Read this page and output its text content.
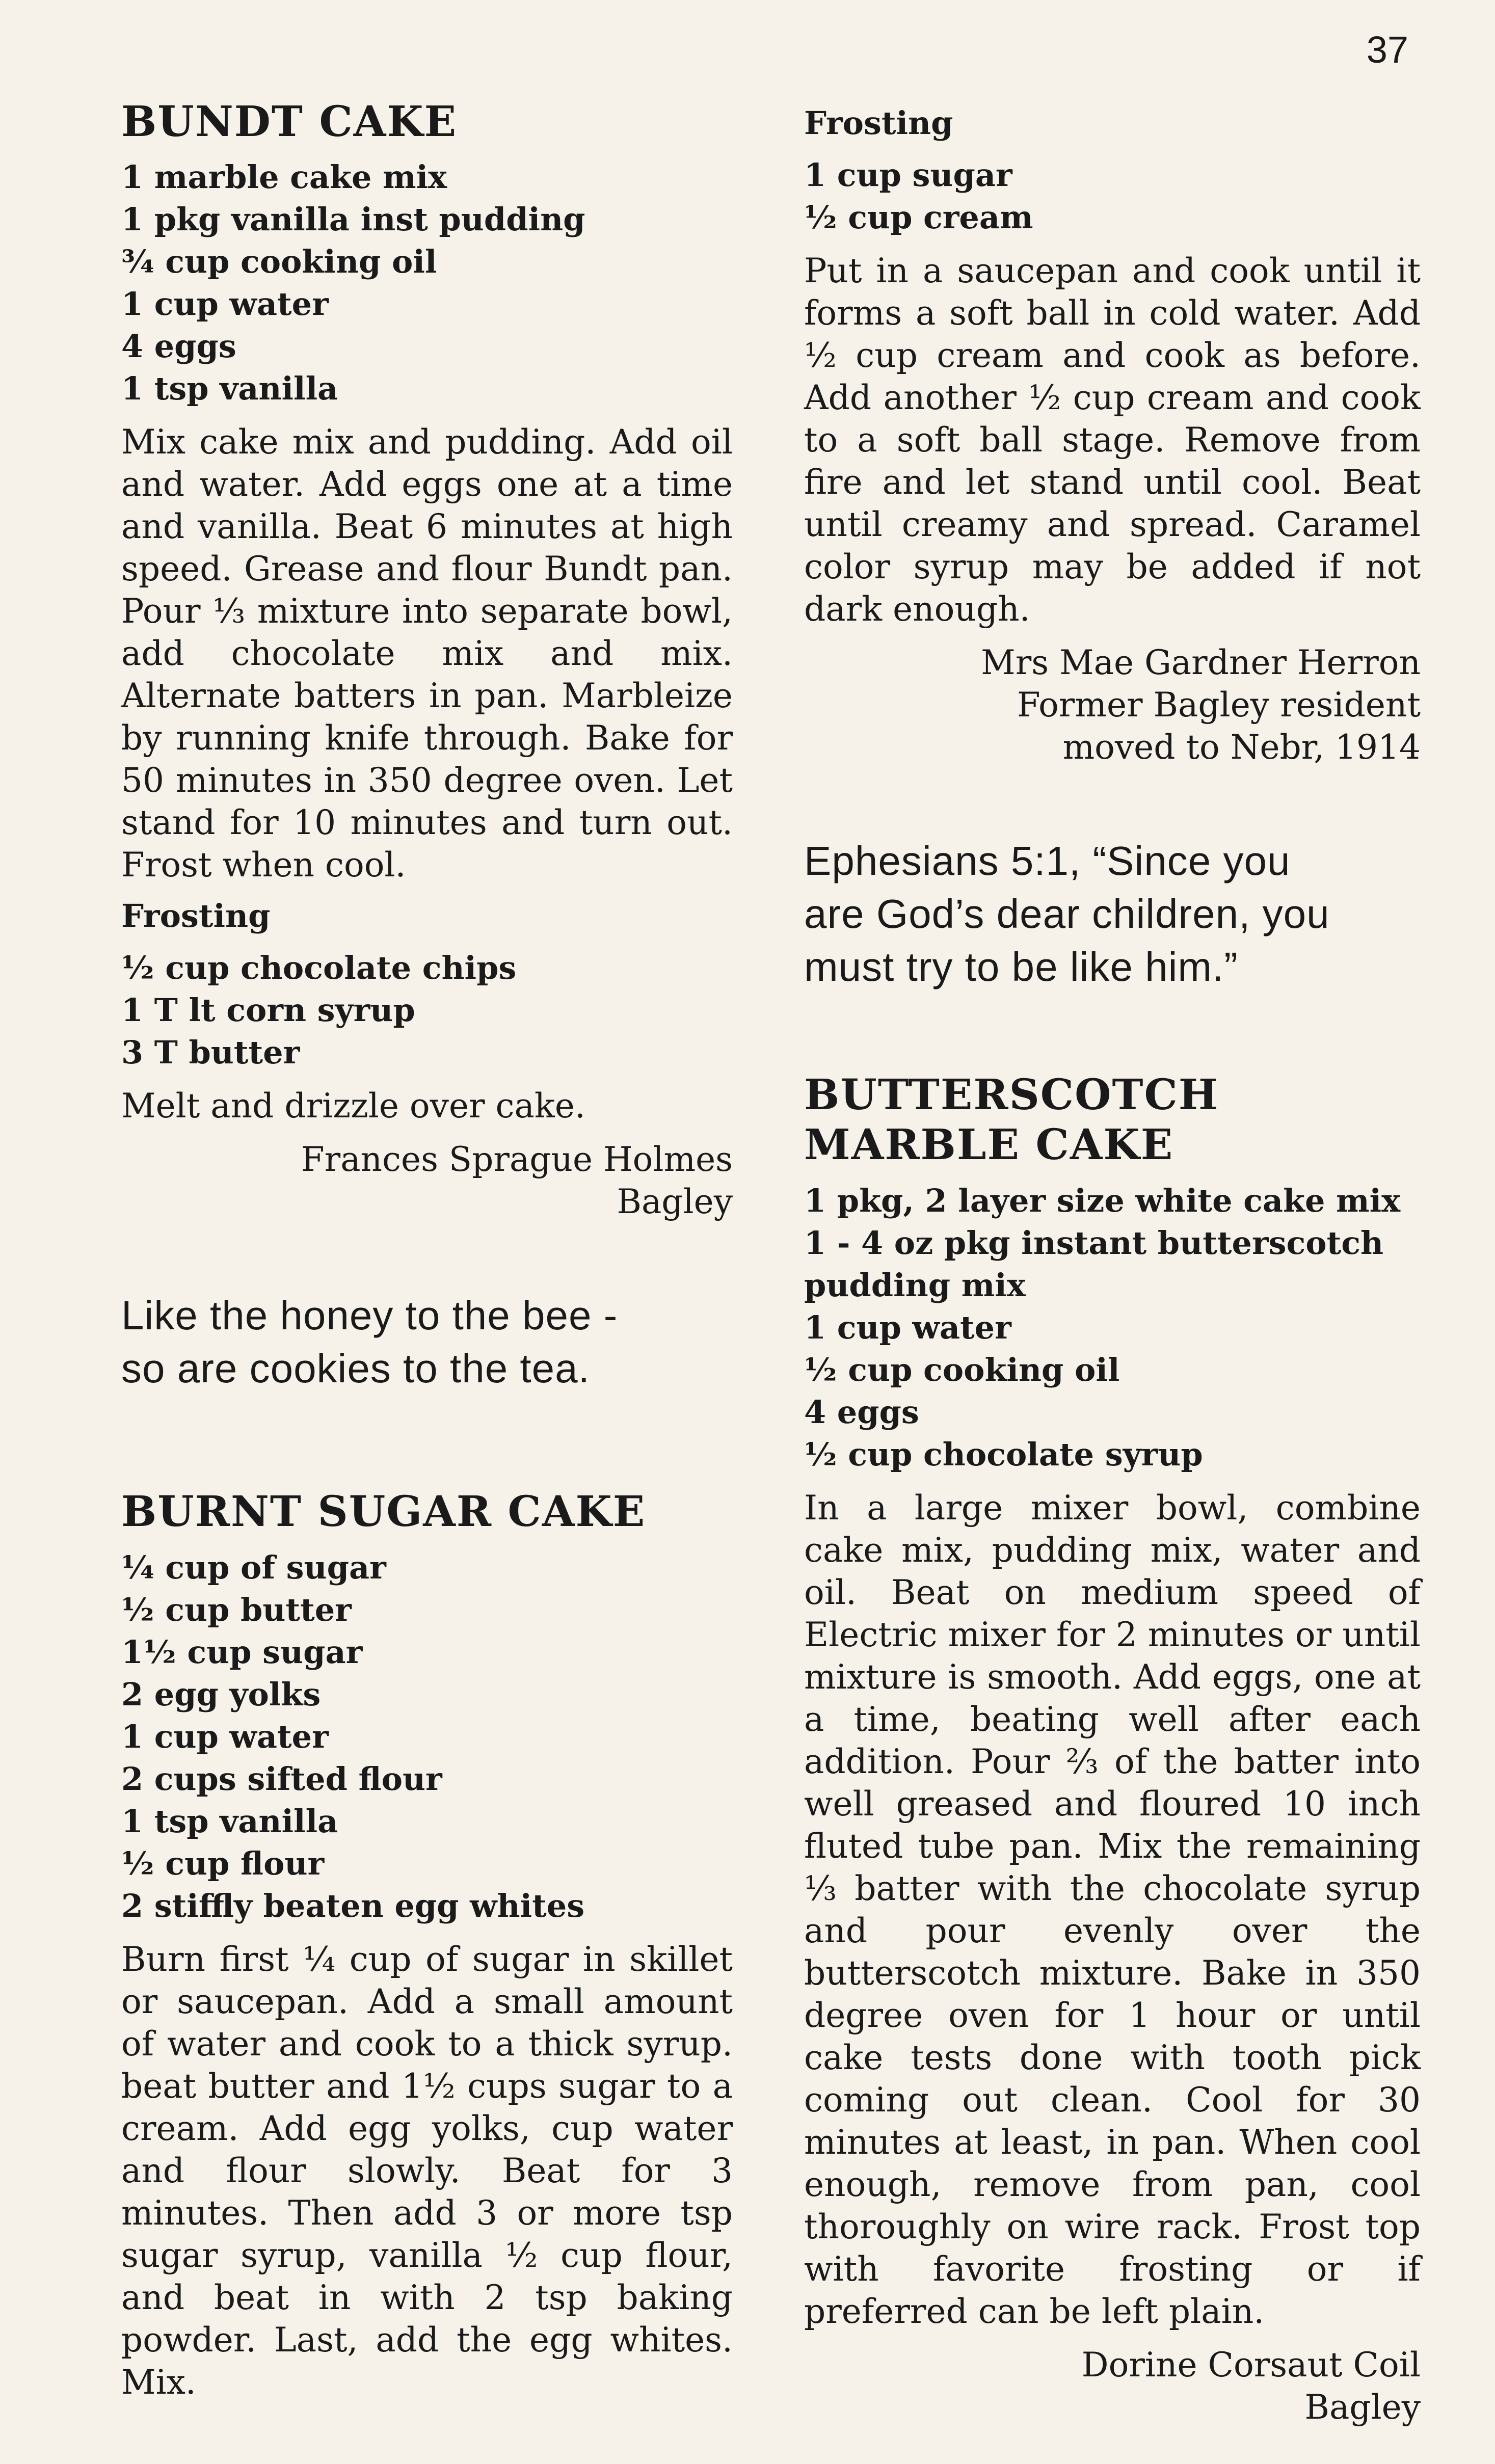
37
BUNDT CAKE
1 marble cake mix
1 pkg vanilla inst pudding
¾ cup cooking oil
1 cup water
4 eggs
1 tsp vanilla

Mix cake mix and pudding. Add oil and water. Add eggs one at a time and vanilla. Beat 6 minutes at high speed. Grease and flour Bundt pan. Pour ⅓ mixture into separate bowl, add chocolate mix and mix. Alternate batters in pan. Marbleize by running knife through. Bake for 50 minutes in 350 degree oven. Let stand for 10 minutes and turn out. Frost when cool.

Frosting
½ cup chocolate chips
1 T lt corn syrup
3 T butter

Melt and drizzle over cake.

Frances Sprague Holmes
Bagley

Like the honey to the bee -

so are cookies to the tea.

BURNT SUGAR CAKE
¼ cup of sugar
½ cup butter
1½ cup sugar
2 egg yolks
1 cup water
2 cups sifted flour
1 tsp vanilla
½ cup flour
2 stiffly beaten egg whites

Burn first ¼ cup of sugar in skillet or saucepan. Add a small amount of water and cook to a thick syrup. beat butter and 1½ cups sugar to a cream. Add egg yolks, cup water and flour slowly. Beat for 3 minutes. Then add 3 or more tsp sugar syrup, vanilla ½ cup flour, and beat in with 2 tsp baking powder. Last, add the egg whites. Mix.

Frosting
1 cup sugar
½ cup cream

Put in a saucepan and cook until it forms a soft ball in cold water. Add ½ cup cream and cook as before. Add another ½ cup cream and cook to a soft ball stage. Remove from fire and let stand until cool. Beat until creamy and spread. Caramel color syrup may be added if not dark enough.

Mrs Mae Gardner Herron
Former Bagley resident
moved to Nebr, 1914

Ephesians 5:1, “Since you

are God’s dear children, you

must try to be like him.”

BUTTERSCOTCH
MARBLE CAKE
1 pkg, 2 layer size white cake mix
1 - 4 oz pkg instant butterscotch pudding mix
1 cup water
½ cup cooking oil
4 eggs
½ cup chocolate syrup

In a large mixer bowl, combine cake mix, pudding mix, water and oil. Beat on medium speed of Electric mixer for 2 minutes or until mixture is smooth. Add eggs, one at a time, beating well after each addition. Pour ⅔ of the batter into well greased and floured 10 inch fluted tube pan. Mix the remaining ⅓ batter with the chocolate syrup and pour evenly over the butterscotch mixture. Bake in 350 degree oven for 1 hour or until cake tests done with tooth pick coming out clean. Cool for 30 minutes at least, in pan. When cool enough, remove from pan, cool thoroughly on wire rack. Frost top with favorite frosting or if preferred can be left plain.

Dorine Corsaut Coil
Bagley
